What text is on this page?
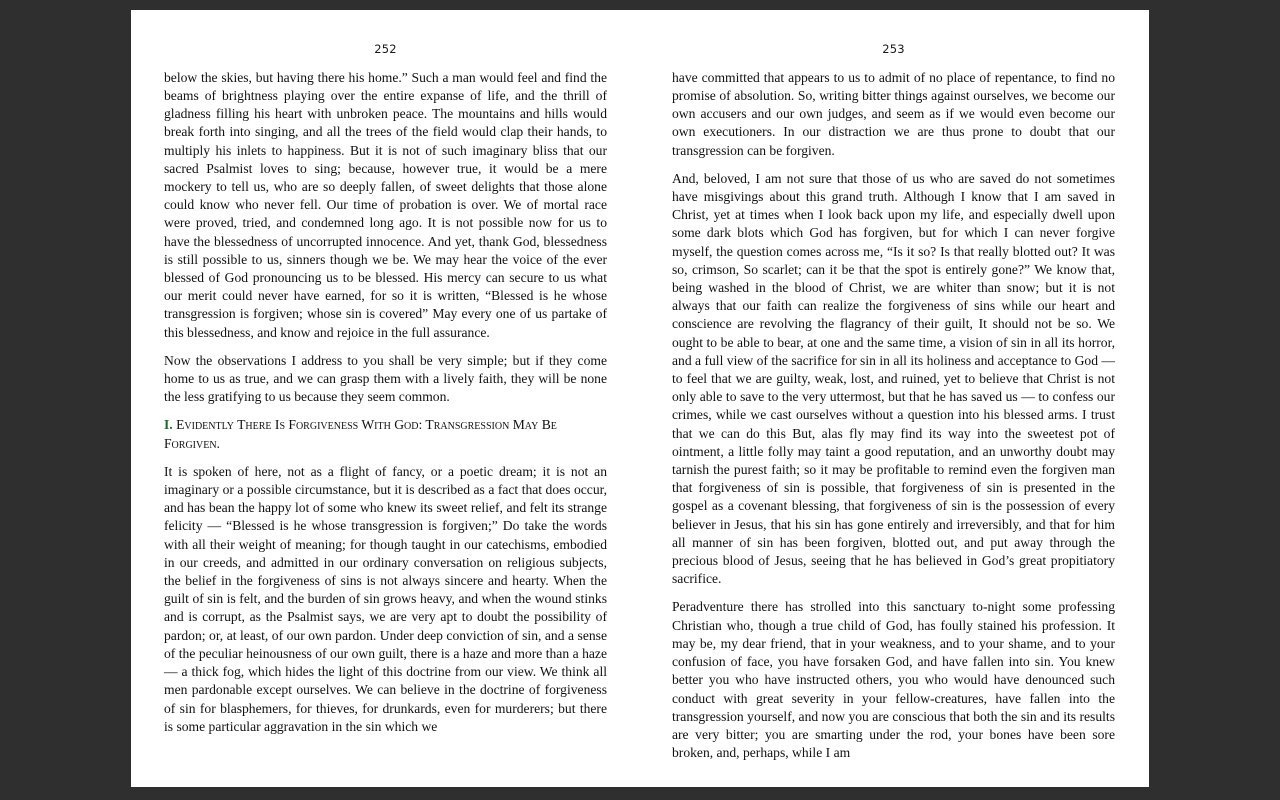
252

below the skies, but having there his home.” Such a man would feel and find the beams of brightness playing over the entire expanse of life, and the thrill of gladness filling his heart with unbroken peace. The mountains and hills would break forth into singing, and all the trees of the field would clap their hands, to multiply his inlets to happiness. But it is not of such imaginary bliss that our sacred Psalmist loves to sing; because, however true, it would be a mere mockery to tell us, who are so deeply fallen, of sweet delights that those alone could know who never fell. Our time of probation is over. We of mortal race were proved, tried, and condemned long ago. It is not possible now for us to have the blessedness of uncorrupted innocence. And yet, thank God, blessedness is still possible to us, sinners though we be. We may hear the voice of the ever blessed of God pronouncing us to be blessed. His mercy can secure to us what our merit could never have earned, for so it is written, “Blessed is he whose transgression is forgiven; whose sin is covered” May every one of us partake of this blessedness, and know and rejoice in the full assurance.

Now the observations I address to you shall be very simple; but if they come home to us as true, and we can grasp them with a lively faith, they will be none the less gratifying to us because they seem common.

I. Evidently There Is Forgiveness With God: Transgression May Be Forgiven.

It is spoken of here, not as a flight of fancy, or a poetic dream; it is not an imaginary or a possible circumstance, but it is described as a fact that does occur, and has bean the happy lot of some who knew its sweet relief, and felt its strange felicity — “Blessed is he whose transgression is forgiven;” Do take the words with all their weight of meaning; for though taught in our catechisms, embodied in our creeds, and admitted in our ordinary conversation on religious subjects, the belief in the forgiveness of sins is not always sincere and hearty. When the guilt of sin is felt, and the burden of sin grows heavy, and when the wound stinks and is corrupt, as the Psalmist says, we are very apt to doubt the possibility of pardon; or, at least, of our own pardon. Under deep conviction of sin, and a sense of the peculiar heinousness of our own guilt, there is a haze and more than a haze — a thick fog, which hides the light of this doctrine from our view. We think all men pardonable except ourselves. We can believe in the doctrine of forgiveness of sin for blasphemers, for thieves, for drunkards, even for murderers; but there is some particular aggravation in the sin which we

253

have committed that appears to us to admit of no place of repentance, to find no promise of absolution. So, writing bitter things against ourselves, we become our own accusers and our own judges, and seem as if we would even become our own executioners. In our distraction we are thus prone to doubt that our transgression can be forgiven.

And, beloved, I am not sure that those of us who are saved do not sometimes have misgivings about this grand truth. Although I know that I am saved in Christ, yet at times when I look back upon my life, and especially dwell upon some dark blots which God has forgiven, but for which I can never forgive myself, the question comes across me, “Is it so? Is that really blotted out? It was so, crimson, So scarlet; can it be that the spot is entirely gone?” We know that, being washed in the blood of Christ, we are whiter than snow; but it is not always that our faith can realize the forgiveness of sins while our heart and conscience are revolving the flagrancy of their guilt, It should not be so. We ought to be able to bear, at one and the same time, a vision of sin in all its horror, and a full view of the sacrifice for sin in all its holiness and acceptance to God — to feel that we are guilty, weak, lost, and ruined, yet to believe that Christ is not only able to save to the very uttermost, but that he has saved us — to confess our crimes, while we cast ourselves without a question into his blessed arms. I trust that we can do this But, alas fly may find its way into the sweetest pot of ointment, a little folly may taint a good reputation, and an unworthy doubt may tarnish the purest faith; so it may be profitable to remind even the forgiven man that forgiveness of sin is possible, that forgiveness of sin is presented in the gospel as a covenant blessing, that forgiveness of sin is the possession of every believer in Jesus, that his sin has gone entirely and irreversibly, and that for him all manner of sin has been forgiven, blotted out, and put away through the precious blood of Jesus, seeing that he has believed in God’s great propitiatory sacrifice.

Peradventure there has strolled into this sanctuary to-night some professing Christian who, though a true child of God, has foully stained his profession. It may be, my dear friend, that in your weakness, and to your shame, and to your confusion of face, you have forsaken God, and have fallen into sin. You knew better you who have instructed others, you who would have denounced such conduct with great severity in your fellow-creatures, have fallen into the transgression yourself, and now you are conscious that both the sin and its results are very bitter; you are smarting under the rod, your bones have been sore broken, and, perhaps, while I am
